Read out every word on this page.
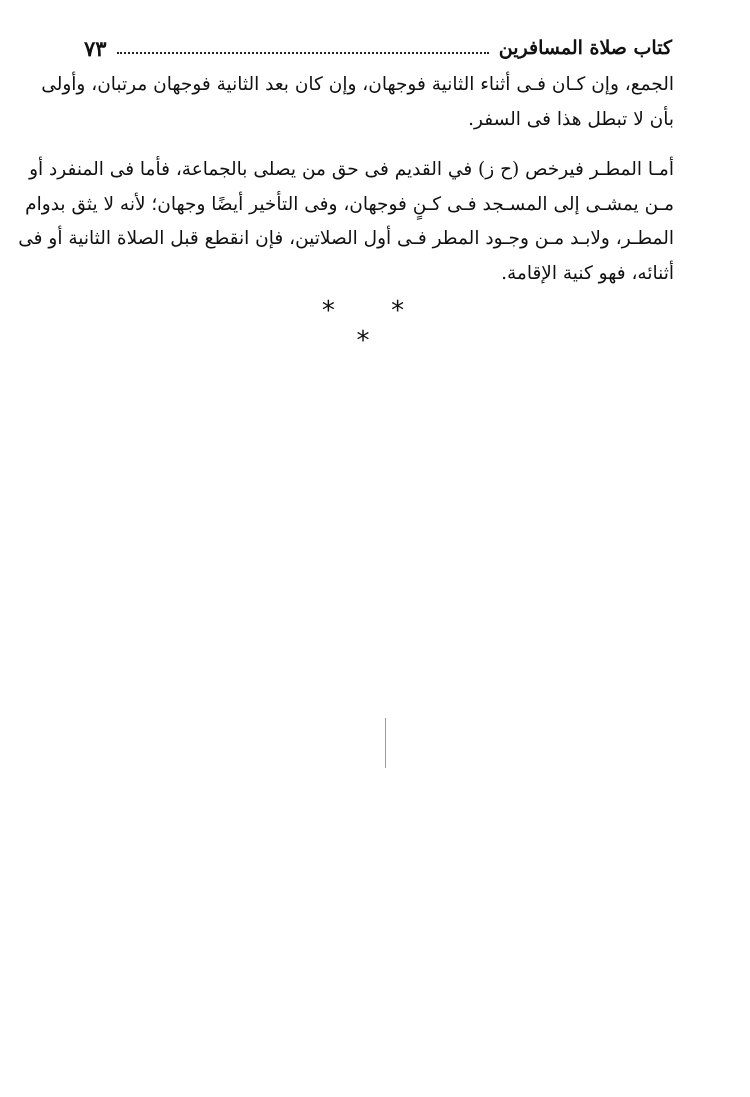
كتاب صلاة المسافرين
٧٣

الجمع، وإن كـان فـى أثناء الثانية فوجهان، وإن كان بعد الثانية فوجهان مرتبان، وأولى
بأن لا تبطل هذا فى السفر.

أمـا المطـر فيرخص (ح ز) في القديم فى حق من يصلى بالجماعة، فأما فى المنفرد أو
مـن يمشـى إلى المسـجد فـى كـنٍ فوجهان، وفى التأخير أيضًا وجهان؛ لأنه لا يثق بدوام
المطـر، ولابـد مـن وجـود المطر فـى أول الصلاتين، فإن انقطع قبل الصلاة الثانية أو فى
أثنائه، فهو كنية الإقامة.

* * *
